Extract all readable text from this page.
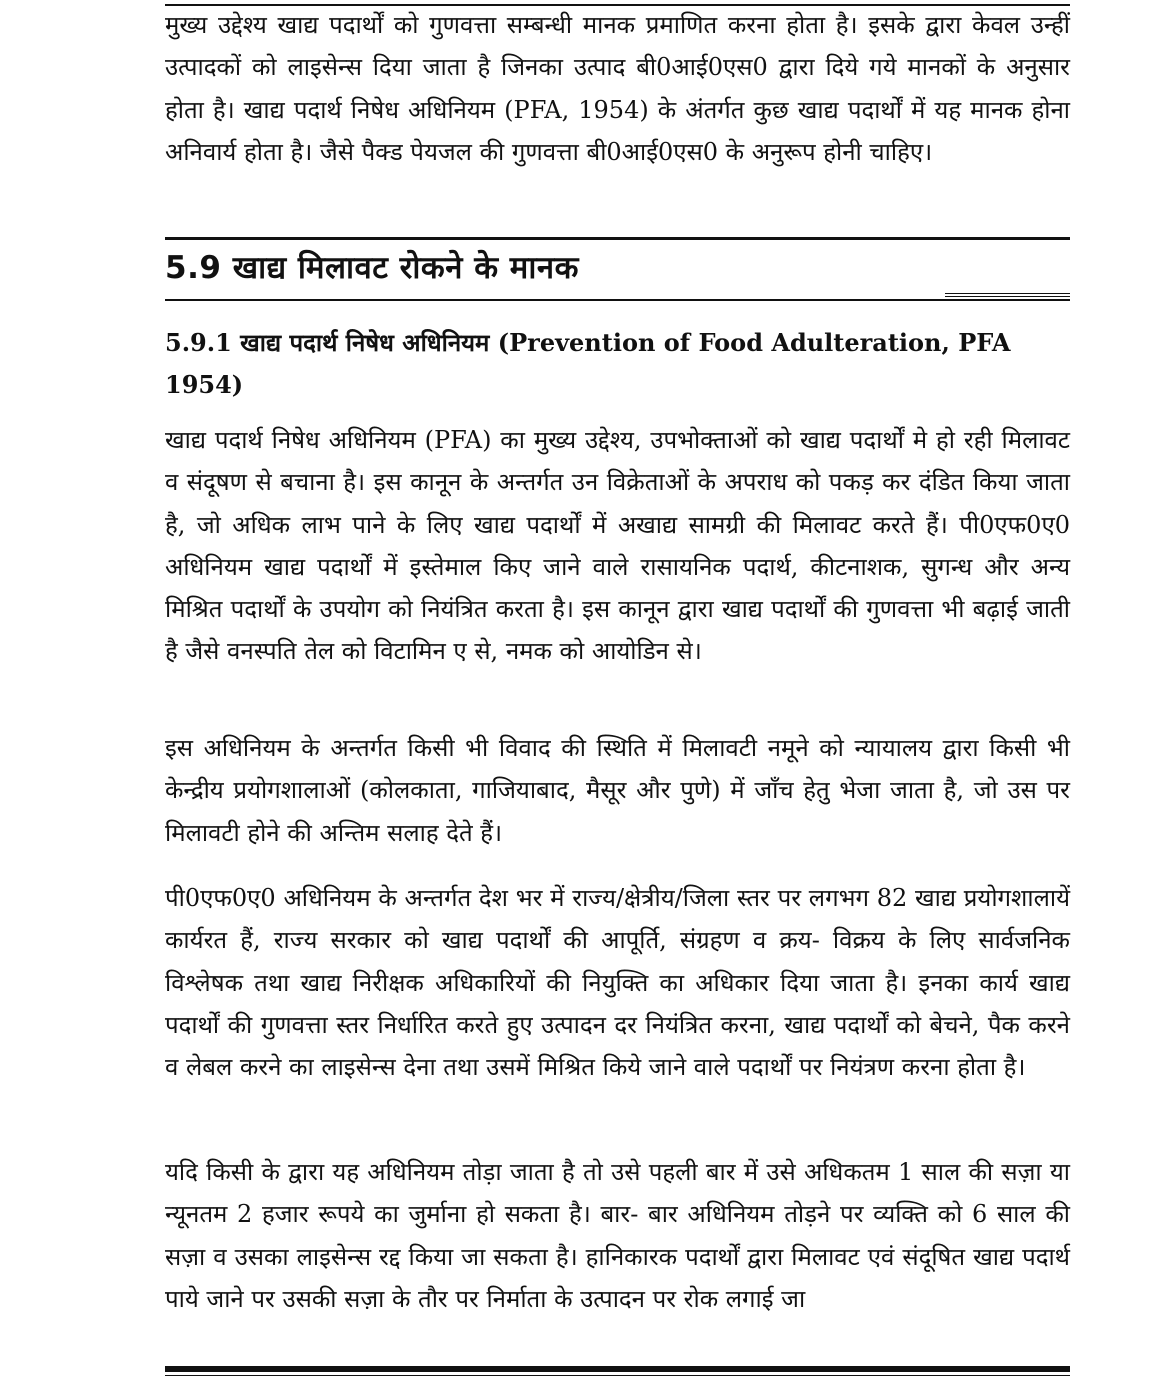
मुख्य उद्देश्य खाद्य पदार्थों को गुणवत्ता सम्बन्धी मानक प्रमाणित करना होता है। इसके द्वारा केवल उन्हीं उत्पादकों को लाइसेन्स दिया जाता है जिनका उत्पाद बी0आई0एस0 द्वारा दिये गये मानकों के अनुसार होता है। खाद्य पदार्थ निषेध अधिनियम (PFA, 1954) के अंतर्गत कुछ खाद्य पदार्थों में यह मानक होना अनिवार्य होता है। जैसे पैक्ड पेयजल की गुणवत्ता बी0आई0एस0 के अनुरूप होनी चाहिए।

5.9 खाद्य मिलावट रोकने के मानक
5.9.1 खाद्य पदार्थ निषेध अधिनियम (Prevention of Food Adulteration, PFA 1954)

खाद्य पदार्थ निषेध अधिनियम (PFA) का मुख्य उद्देश्य, उपभोक्ताओं को खाद्य पदार्थों मे हो रही मिलावट व संदूषण से बचाना है। इस कानून के अन्तर्गत उन विक्रेताओं के अपराध को पकड़ कर दंडित किया जाता है, जो अधिक लाभ पाने के लिए खाद्य पदार्थों में अखाद्य सामग्री की मिलावट करते हैं। पी0एफ0ए0 अधिनियम खाद्य पदार्थों में इस्तेमाल किए जाने वाले रासायनिक पदार्थ, कीटनाशक, सुगन्ध और अन्य मिश्रित पदार्थों के उपयोग को नियंत्रित करता है। इस कानून द्वारा खाद्य पदार्थों की गुणवत्ता भी बढ़ाई जाती है जैसे वनस्पति तेल को विटामिन ए से, नमक को आयोडिन से।

इस अधिनियम के अन्तर्गत किसी भी विवाद की स्थिति में मिलावटी नमूने को न्यायालय द्वारा किसी भी केन्द्रीय प्रयोगशालाओं (कोलकाता, गाजियाबाद, मैसूर और पुणे) में जाँच हेतु भेजा जाता है, जो उस पर मिलावटी होने की अन्तिम सलाह देते हैं।

पी0एफ0ए0 अधिनियम के अन्तर्गत देश भर में राज्य/क्षेत्रीय/जिला स्तर पर लगभग 82 खाद्य प्रयोगशालायें कार्यरत हैं, राज्य सरकार को खाद्य पदार्थों की आपूर्ति, संग्रहण व क्रय- विक्रय के लिए सार्वजनिक विश्लेषक तथा खाद्य निरीक्षक अधिकारियों की नियुक्ति का अधिकार दिया जाता है। इनका कार्य खाद्य पदार्थों की गुणवत्ता स्तर निर्धारित करते हुए उत्पादन दर नियंत्रित करना, खाद्य पदार्थों को बेचने, पैक करने व लेबल करने का लाइसेन्स देना तथा उसमें मिश्रित किये जाने वाले पदार्थों पर नियंत्रण करना होता है।

यदि किसी के द्वारा यह अधिनियम तोड़ा जाता है तो उसे पहली बार में उसे अधिकतम 1 साल की सज़ा या न्यूनतम 2 हजार रूपये का जुर्माना हो सकता है। बार- बार अधिनियम तोड़ने पर व्यक्ति को 6 साल की सज़ा व उसका लाइसेन्स रद्द किया जा सकता है। हानिकारक पदार्थों द्वारा मिलावट एवं संदूषित खाद्य पदार्थ पाये जाने पर उसकी सज़ा के तौर पर निर्माता के उत्पादन पर रोक लगाई जा
